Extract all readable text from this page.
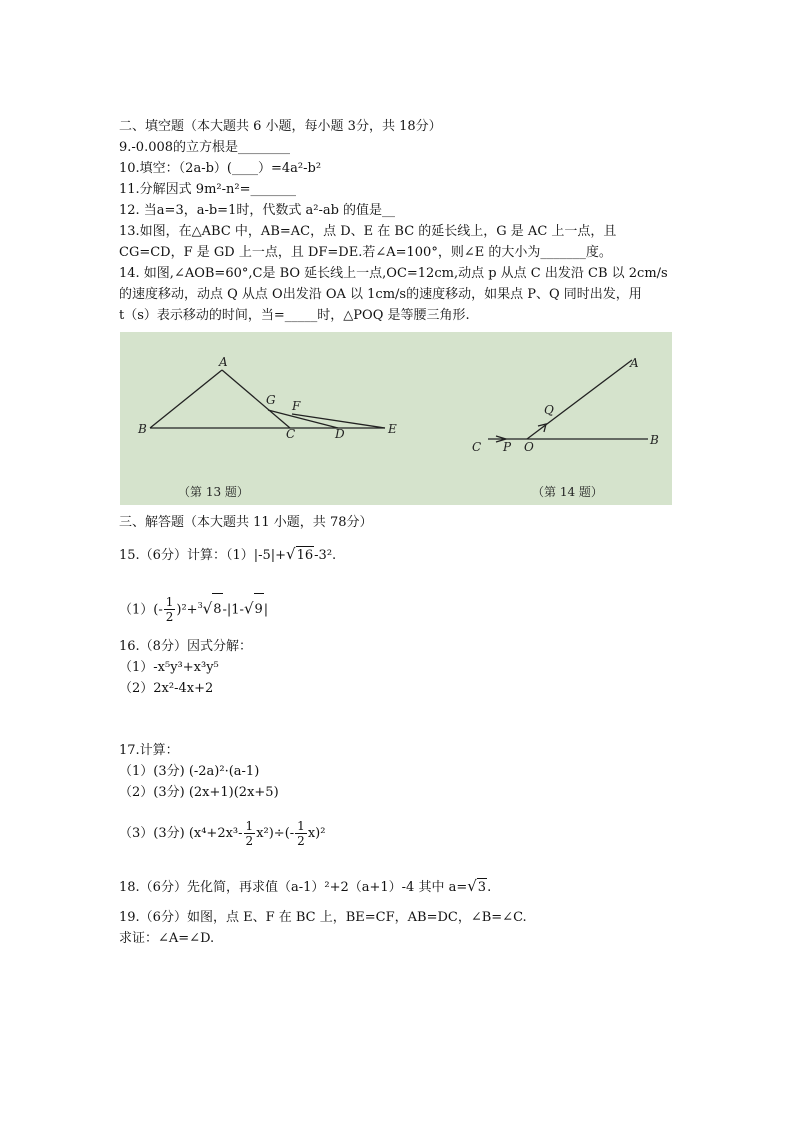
二、填空题（本大题共 6 小题，每小题 3分，共 18分）
9.-0.008的立方根是________
10.填空：（2a-b）(____）=4a²-b²
11.分解因式 9m²-n²=_______
12. 当a=3，a-b=1时，代数式 a²-ab 的值是__
13.如图，在△ABC 中，AB=AC，点 D、E 在 BC 的延长线上，G 是 AC 上一点，且
CG=CD，F 是 GD 上一点，且 DF=DE.若∠A=100°，则∠E 的大小为_______度。
14. 如图,∠AOB=60°,C是 BO 延长线上一点,OC=12cm,动点 p 从点 C 出发沿 CB 以 2cm/s
的速度移动，动点 Q 从点 O出发沿 OA 以 1cm/s的速度移动，如果点 P、Q 同时出发，用
t（s）表示移动的时间，当=_____时，△POQ 是等腰三角形.
A
B	C
G F
D	E
A
Q
C P O	B
（第 13 题）	（第 14 题）
三、解答题（本大题共 11 小题，共 78分）
15.（6分）计算：（1）|-5|+√16-3².
$(1)(- \frac{1}{2} )^2+^3√8-|1-√9|$
16.（8分）因式分解：
（1）-x⁵y³+x³y⁵
（2）2x²-4x+2
17.计算：
（1）(3分) (-2a)²·(a-1)
（2）(3分) (2x+1)(2x+5)
（3）(3分) $(x^4+2x^3- \frac{1}{2} x^2)\div(- \frac{1}{2} x)^2$
18.（6分）先化简，再求值（a-1）²+2（a+1）-4 其中 a=√3.
19.（6分）如图，点 E、F 在 BC 上，BE=CF，AB=DC，∠B=∠C.
求证：∠A=∠D.
